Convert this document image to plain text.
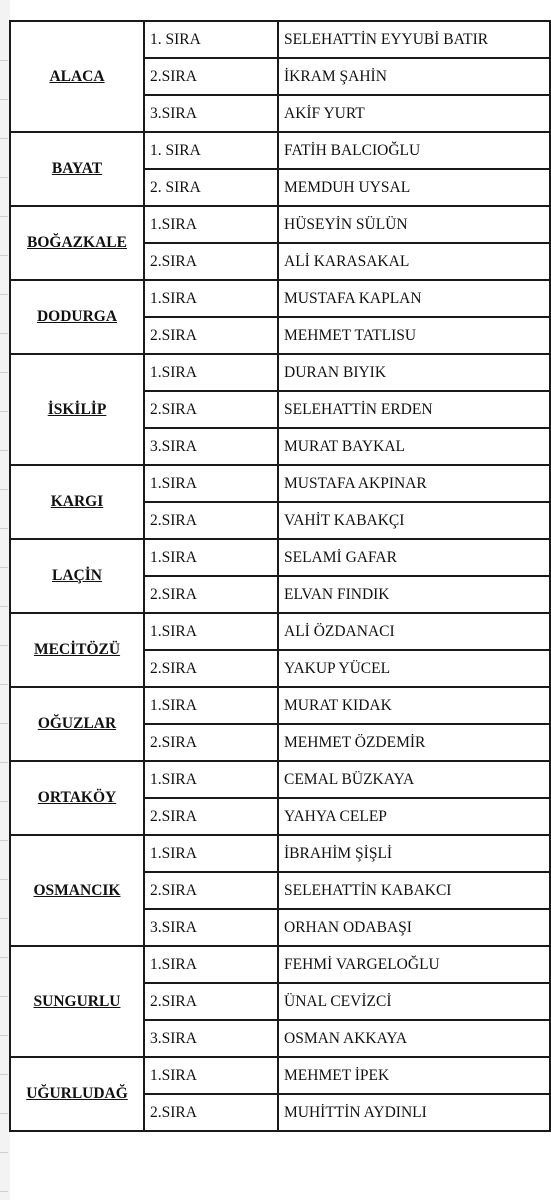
ALACA	1. SIRA	SELEHATTİN EYYUBİ BATIR
	2.SIRA	İKRAM ŞAHİN
	3.SIRA	AKİF YURT
BAYAT	1. SIRA	FATİH BALCIOĞLU
	2. SIRA	MEMDUH UYSAL
BOĞAZKALE	1.SIRA	HÜSEYİN SÜLÜN
	2.SIRA	ALİ KARASAKAL
DODURGA	1.SIRA	MUSTAFA KAPLAN
	2.SIRA	MEHMET TATLISU
İSKİLİP	1.SIRA	DURAN BIYIK
	2.SIRA	SELEHATTİN ERDEN
	3.SIRA	MURAT BAYKAL
KARGI	1.SIRA	MUSTAFA AKPINAR
	2.SIRA	VAHİT KABAKÇI
LAÇİN	1.SIRA	SELAMİ GAFAR
	2.SIRA	ELVAN FINDIK
MECİTÖZÜ	1.SIRA	ALİ ÖZDANACI
	2.SIRA	YAKUP YÜCEL
OĞUZLAR	1.SIRA	MURAT KIDAK
	2.SIRA	MEHMET ÖZDEMİR
ORTAKÖY	1.SIRA	CEMAL BÜZKAYA
	2.SIRA	YAHYA CELEP
OSMANCIK	1.SIRA	İBRAHİM ŞİŞLİ
	2.SIRA	SELEHATTİN KABAKCI
	3.SIRA	ORHAN ODABAŞI
SUNGURLU	1.SIRA	FEHMİ VARGELOĞLU
	2.SIRA	ÜNAL CEVİZCİ
	3.SIRA	OSMAN AKKAYA
UĞURLUDAĞ	1.SIRA	MEHMET İPEK
	2.SIRA	MUHİTTİN AYDINLI
